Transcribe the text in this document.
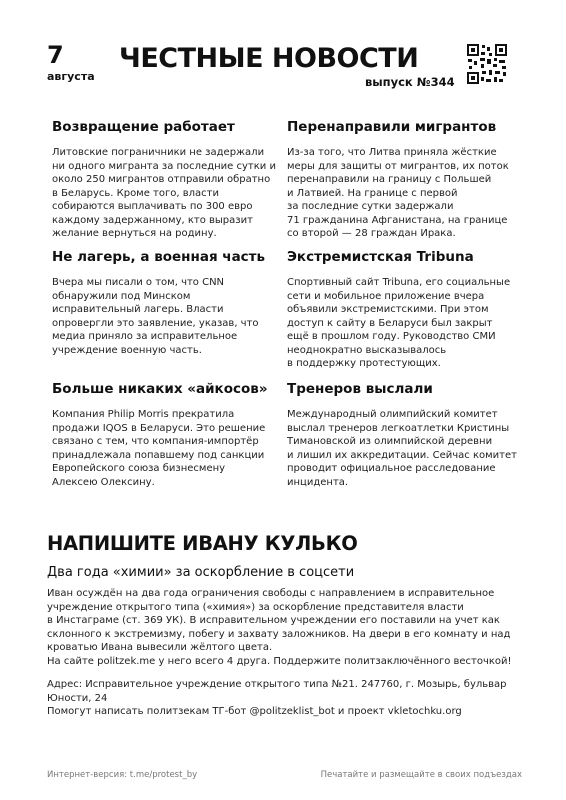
7
августа
ЧЕСТНЫЕ НОВОСТИ
выпуск №344
Возвращение работает
Литовские пограничники не задержали
ни одного мигранта за последние сутки и
около 250 мигрантов отправили обратно
в Беларусь. Кроме того, власти
собираются выплачивать по 300 евро
каждому задержанному, кто выразит
желание вернуться на родину.
Не лагерь, а военная часть
Вчера мы писали о том, что CNN
обнаружили под Минском
исправительный лагерь. Власти
опровергли это заявление, указав, что
медиа приняло за исправительное
учреждение военную часть.
Больше никаких «айкосов»
Компания Philip Morris прекратила
продажи IQOS в Беларуси. Это решение
связано с тем, что компания-импортёр
принадлежала попавшему под санкции
Европейского союза бизнесмену
Алексею Олексину.
Перенаправили мигрантов
Из-за того, что Литва приняла жёсткие
меры для защиты от мигрантов, их поток
перенаправили на границу с Польшей
и Латвией. На границе с первой
за последние сутки задержали
71 гражданина Афганистана, на границе
со второй — 28 граждан Ирака.
Экстремистская Tribuna
Спортивный сайт Tribuna, его социальные
сети и мобильное приложение вчера
объявили экстремистскими. При этом
доступ к сайту в Беларуси был закрыт
ещё в прошлом году. Руководство СМИ
неоднократно высказывалось
в поддержку протестующих.
Тренеров выслали
Международный олимпийский комитет
выслал тренеров легкоатлетки Кристины
Тимановской из олимпийской деревни
и лишил их аккредитации. Сейчас комитет
проводит официальное расследование
инцидента.
НАПИШИТЕ ИВАНУ КУЛЬКО
Два года «химии» за оскорбление в соцсети
Иван осуждён на два года ограничения свободы с направлением в исправительное
учреждение открытого типа («химия») за оскорбление представителя власти
в Инстаграме (ст. 369 УК). В исправительном учреждении его поставили на учет как
склонного к экстремизму, побегу и захвату заложников. На двери в его комнату и над
кроватью Ивана вывесили жёлтого цвета.
На сайте politzek.me у него всего 4 друга. Поддержите политзаключённого весточкой!
Адрес: Исправительное учреждение открытого типа №21. 247760, г. Мозырь, бульвар
Юности, 24
Помогут написать политзекам ТГ-бот @politzeklist_bot и проект vkletochku.org
Интернет-версия: t.me/protest_by	Печатайте и размещайте в своих подъездах
